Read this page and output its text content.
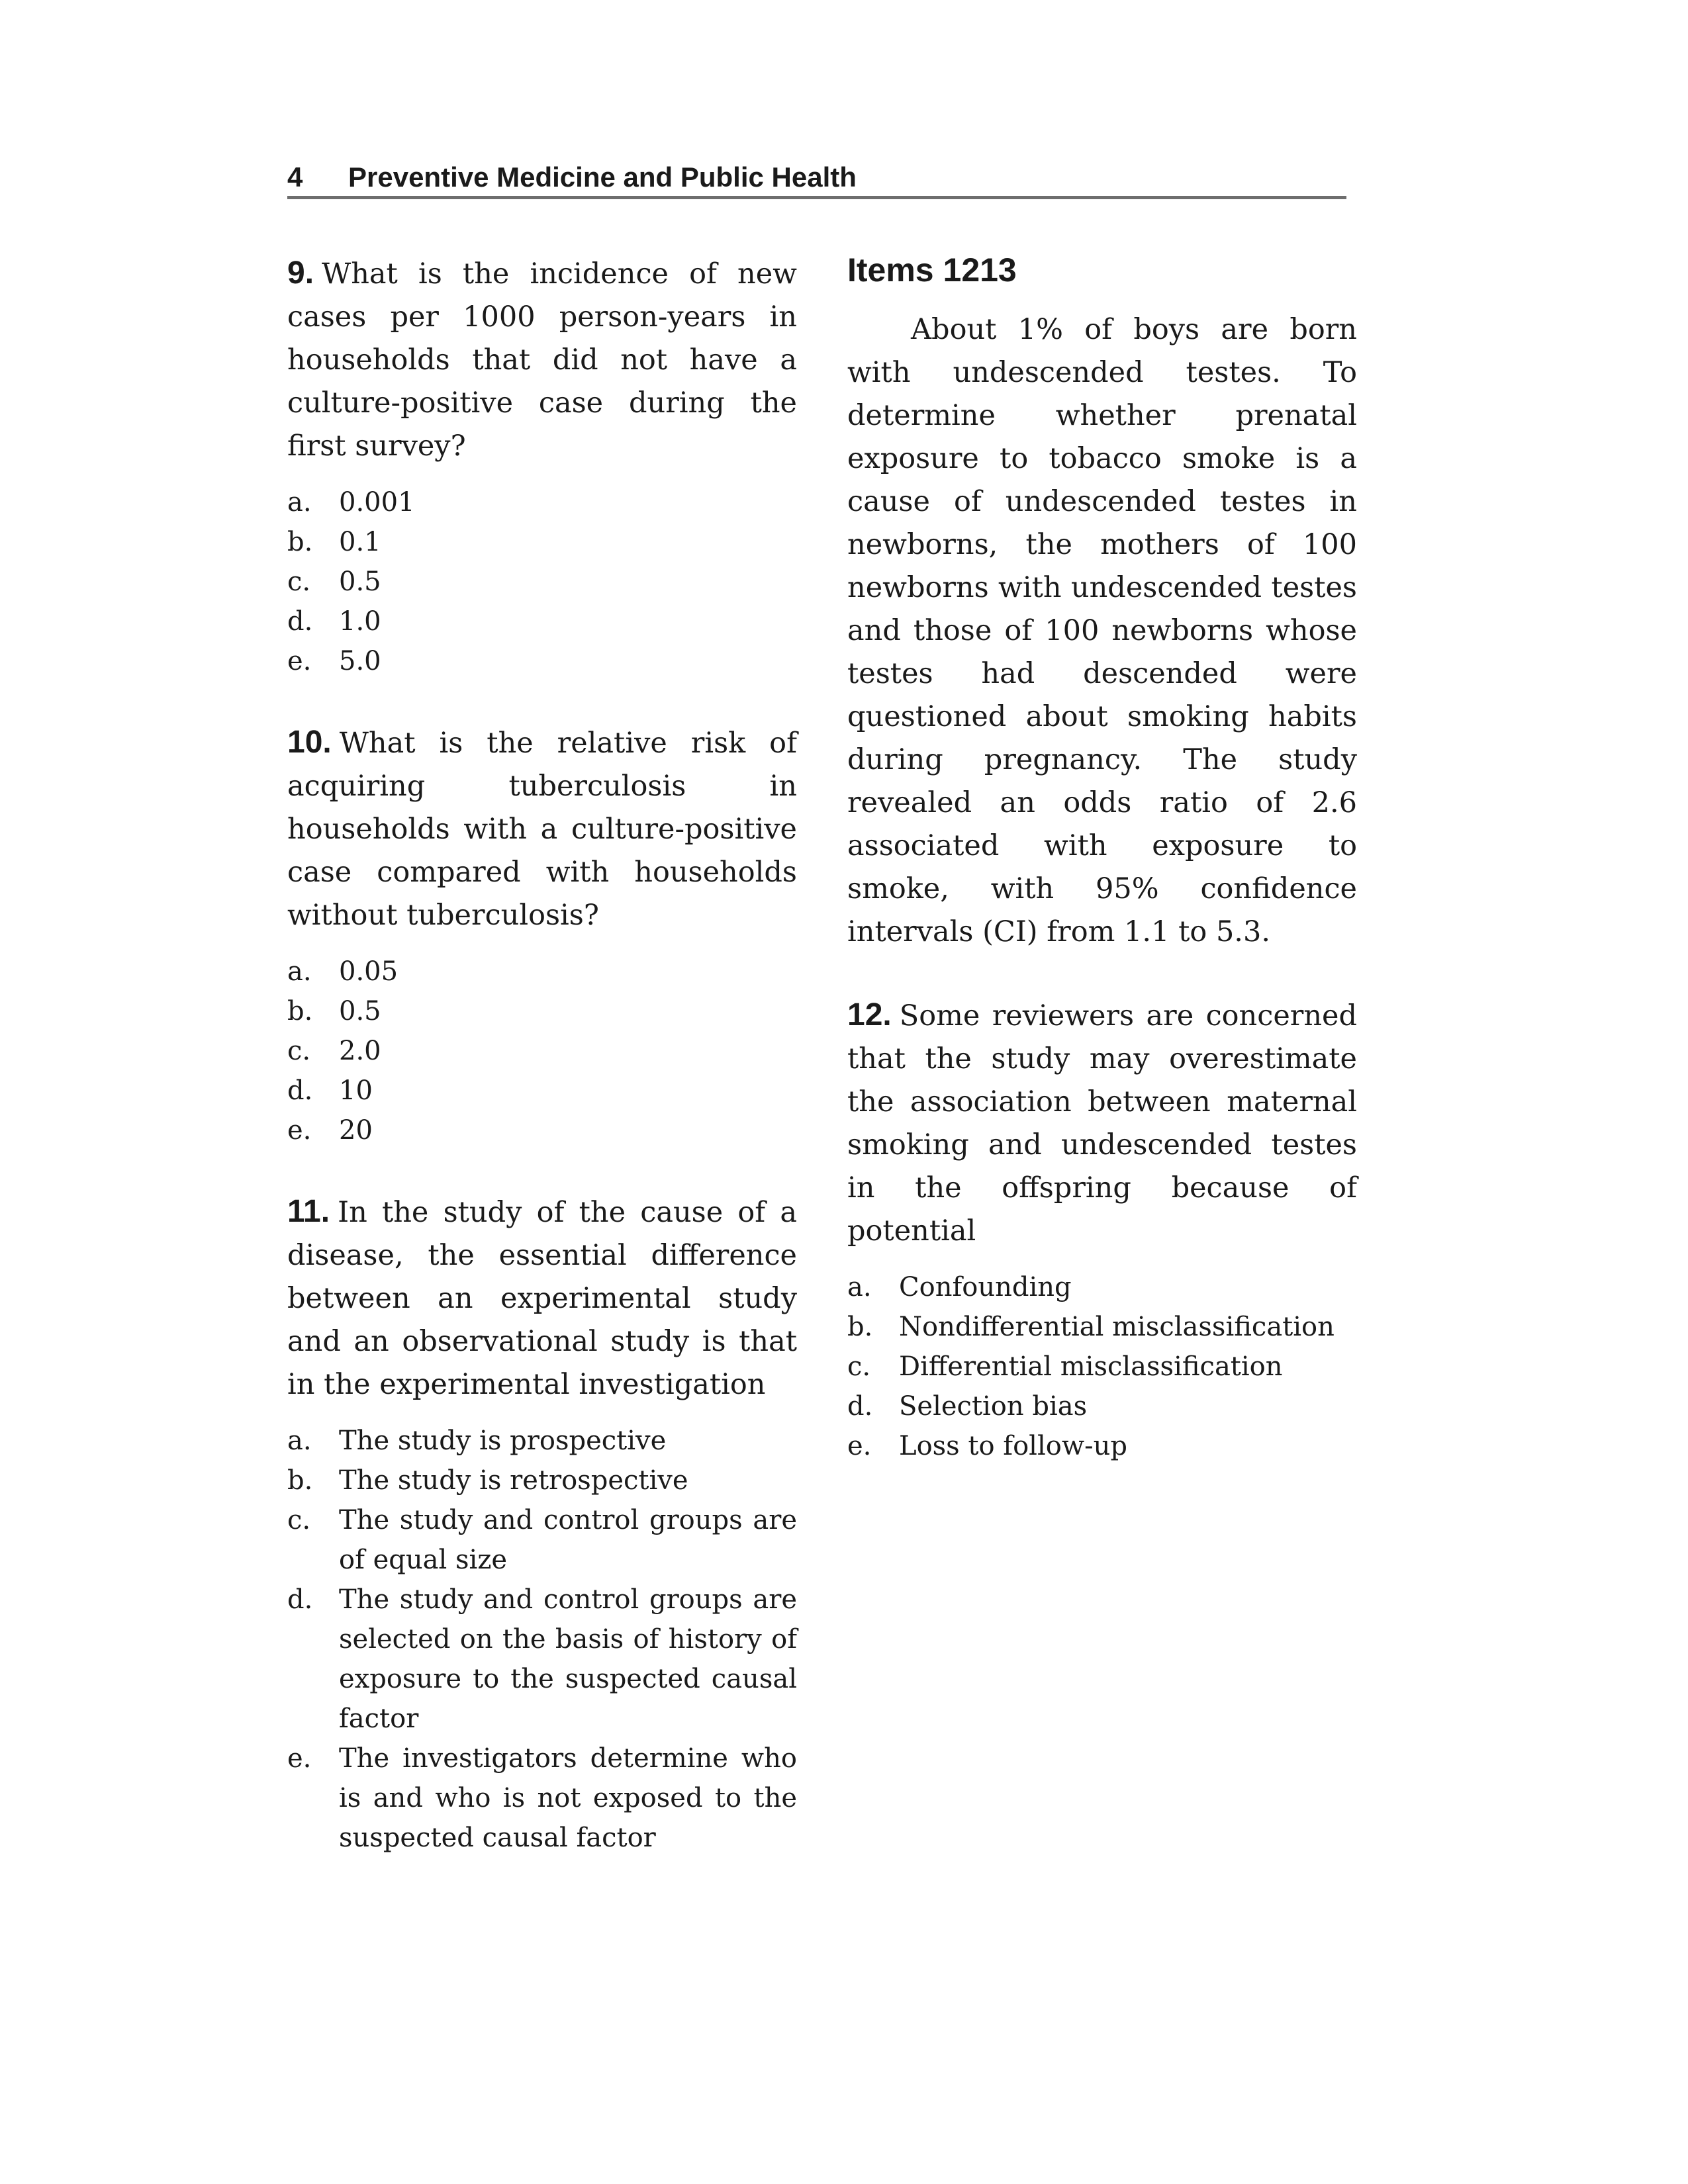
4 Preventive Medicine and Public Health

9. What is the incidence of new cases per 1000 person-years in households that did not have a culture-positive case during the first survey?

a.	0.001
b. 0.1
c.	0.5
d. 1.0
e.	5.0

10. What is the relative risk of acquiring tuberculosis in households with a culture-positive case compared with households without tuberculosis?

a.	0.05
b. 0.5
c.	2.0
d. 10
e.	20

11. In the study of the cause of a disease, the essential difference between an experimental study and an observational study is that in the experimental investigation

a.	The study is prospective
b. The study is retrospective
c.	The study and control groups are of equal size
d. The study and control groups are selected on the basis of history of exposure to the suspected causal factor
e.	The investigators determine who is and who is not exposed to the suspected causal factor
Items 1213

About 1% of boys are born with undescended testes. To determine whether prenatal exposure to tobacco smoke is a cause of undescended testes in newborns, the mothers of 100 newborns with undescended testes and those of 100 newborns whose testes had descended were questioned about smoking habits during pregnancy. The study revealed an odds ratio of 2.6 associated with exposure to smoke, with 95% confidence intervals (CI) from 1.1 to 5.3.

12. Some reviewers are concerned that the study may overestimate the association between maternal smoking and undescended testes in the offspring because of potential

a.	Confounding
b. Nondifferential misclassification
c.	Differential misclassification
d. Selection bias
e.	Loss to follow-up
